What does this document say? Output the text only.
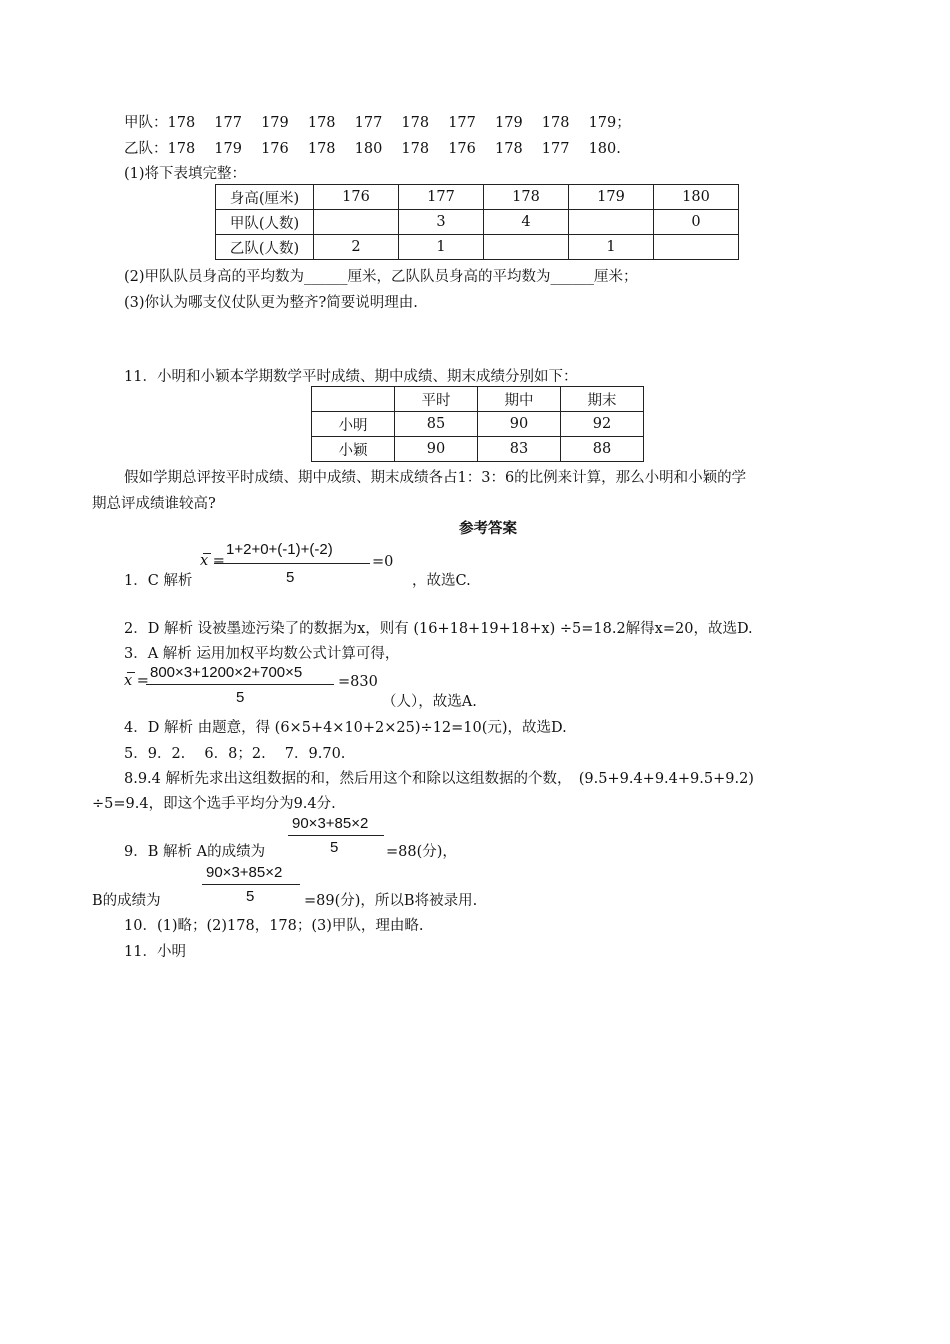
甲队：178　 177　 179　 178　 177　 178　 177　 179　 178　 179；
乙队：178　 179　 176　 178　 180　 178　 176　 178　 177　 180.
(1)将下表填完整：
身高(厘米)	176	177	178	179	180
甲队(人数)		3	4		0
乙队(人数)	2	1		1	
(2)甲队队员身高的平均数为______厘米，乙队队员身高的平均数为______厘米；
(3)你认为哪支仪仗队更为整齐?简要说明理由.
11．小明和小颖本学期数学平时成绩、期中成绩、期末成绩分别如下：
	平时	期中	期末
小明	85	90	92
小颖	90	83	88
假如学期总评按平时成绩、期中成绩、期末成绩各占1：3：6的比例来计算，那么小明和小颖的学
期总评成绩谁较高?
参考答案
x =
1+2+0+(-1)+(-2)
5
=0
1．C 解析	，故选C.
2．D 解析 设被墨迹污染了的数据为x，则有 (16+18+19+18+x) ÷5=18.2解得x=20，故选D.
3．A 解析 运用加权平均数公式计算可得，
x = 800×3+1200×2+700×5
5
=830
（人），故选A.
4．D 解析 由题意，得 (6×5+4×10+2×25)÷12=10(元)，故选D.
5．9．2.　 6．8；2.　 7．9.70.
8.9.4 解析先求出这组数据的和，然后用这个和除以这组数据的个数，　(9.5+9.4+9.4+9.5+9.2)
÷5=9.4，即这个选手平均分为9.4分.
90×3+85×2
5
9．B 解析 A的成绩为	=88(分)，
90×3+85×2
5
B的成绩为	=89(分)，所以B将被录用.
10．(1)略；(2)178，178；(3)甲队，理由略.
11．小明
